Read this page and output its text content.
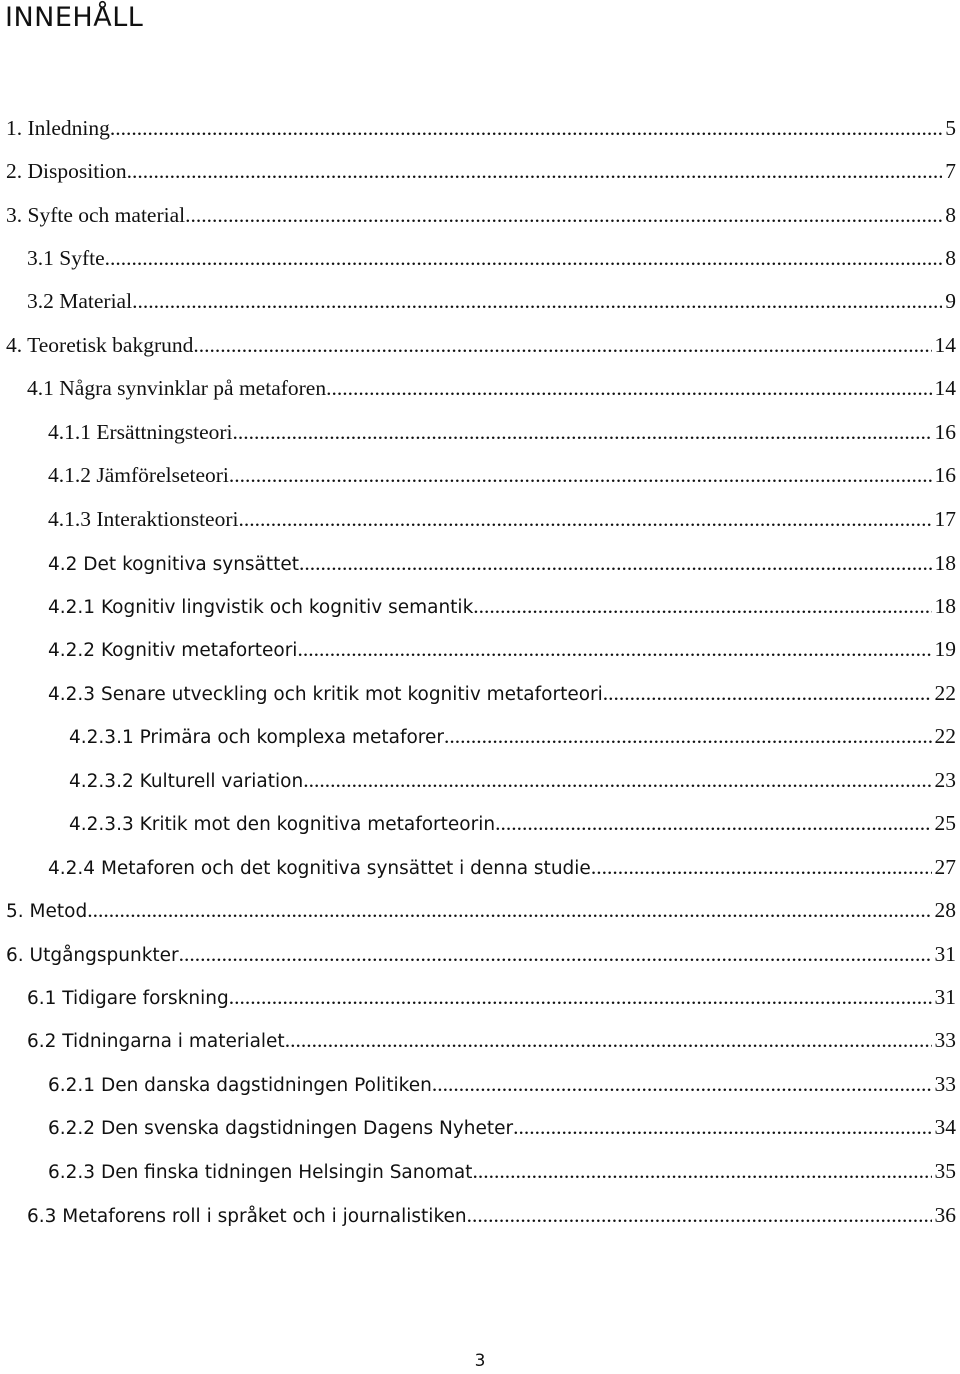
INNEHÅLL
1. Inledning .....	5
2. Disposition .....	7
3. Syfte och material .....	8
3.1 Syfte .....	8
3.2 Material .....	9
4. Teoretisk bakgrund .....	14
4.1 Några synvinklar på metaforen .....	14
4.1.1 Ersättningsteori .....	16
4.1.2 Jämförelseteori .....	16
4.1.3 Interaktionsteori .....	17
4.2 Det kognitiva synsättet .....	18
4.2.1 Kognitiv lingvistik och kognitiv semantik .....	18
4.2.2 Kognitiv metaforteori .....	19
4.2.3 Senare utveckling och kritik mot kognitiv metaforteori .....	22
4.2.3.1 Primära och komplexa metaforer .....	22
4.2.3.2 Kulturell variation .....	23
4.2.3.3 Kritik mot den kognitiva metaforteorin .....	25
4.2.4 Metaforen och det kognitiva synsättet i denna studie .....	27
5. Metod .....	28
6. Utgångspunkter .....	31
6.1 Tidigare forskning .....	31
6.2 Tidningarna i materialet .....	33
6.2.1 Den danska dagstidningen Politiken .....	33
6.2.2 Den svenska dagstidningen Dagens Nyheter .....	34
6.2.3 Den finska tidningen Helsingin Sanomat .....	35
6.3 Metaforens roll i språket och i journalistiken .....	36
3
